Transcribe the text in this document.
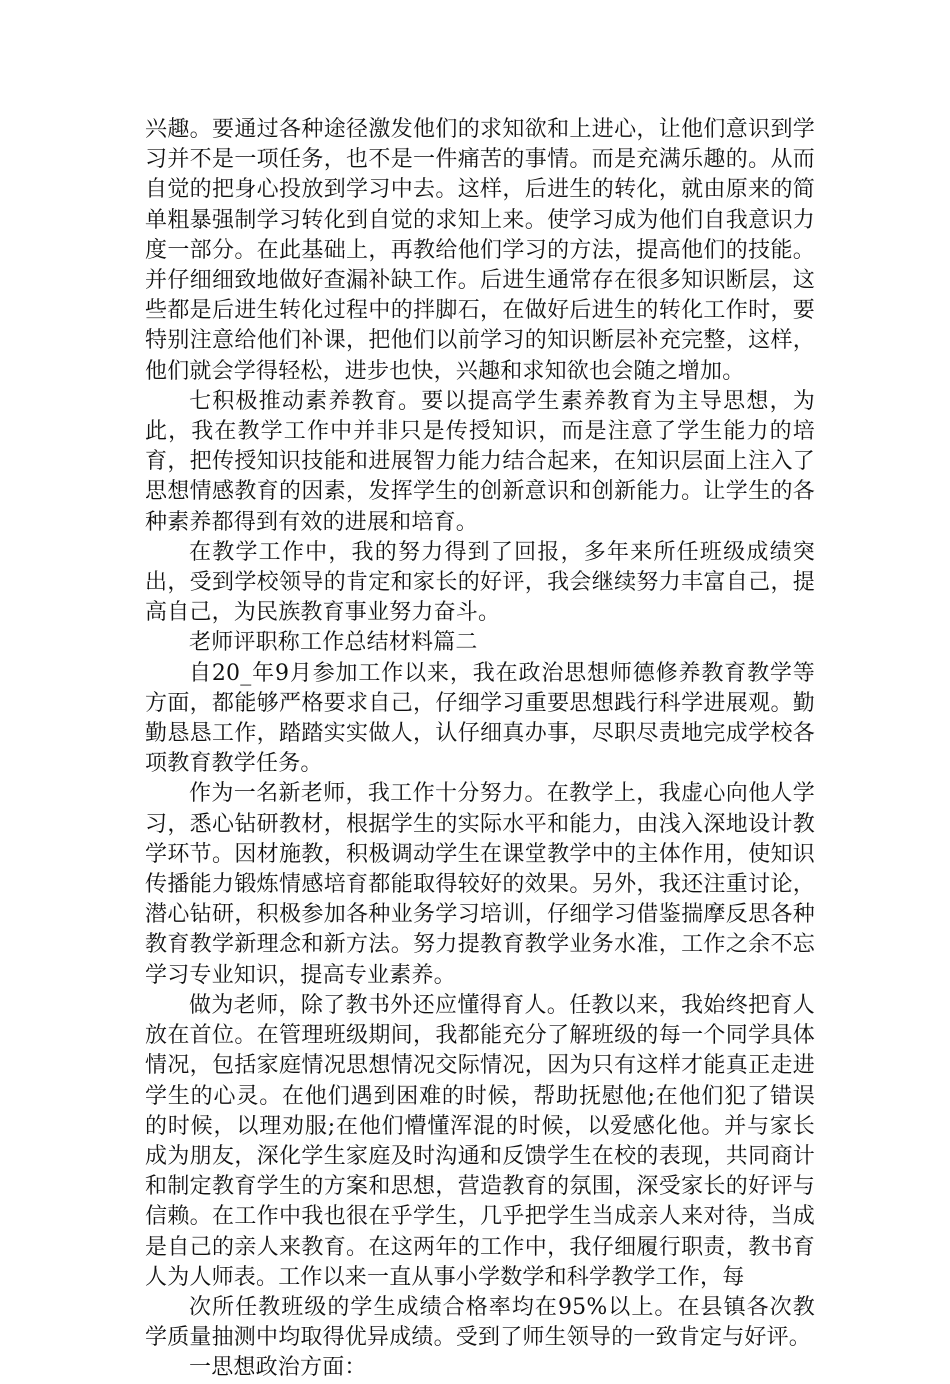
兴趣。要通过各种途径激发他们的求知欲和上进心，让他们意识到学习并不是一项任务，也不是一件痛苦的事情。而是充满乐趣的。从而自觉的把身心投放到学习中去。这样，后进生的转化，就由原来的简单粗暴强制学习转化到自觉的求知上来。使学习成为他们自我意识力度一部分。在此基础上，再教给他们学习的方法，提高他们的技能。并仔细细致地做好查漏补缺工作。后进生通常存在很多知识断层，这些都是后进生转化过程中的拌脚石，在做好后进生的转化工作时，要特别注意给他们补课，把他们以前学习的知识断层补充完整，这样，他们就会学得轻松，进步也快，兴趣和求知欲也会随之增加。

七积极推动素养教育。要以提高学生素养教育为主导思想，为此，我在教学工作中并非只是传授知识，而是注意了学生能力的培育，把传授知识技能和进展智力能力结合起来，在知识层面上注入了思想情感教育的因素，发挥学生的创新意识和创新能力。让学生的各种素养都得到有效的进展和培育。

在教学工作中，我的努力得到了回报，多年来所任班级成绩突出，受到学校领导的肯定和家长的好评，我会继续努力丰富自己，提高自己，为民族教育事业努力奋斗。

老师评职称工作总结材料篇二

自20_年9月参加工作以来，我在政治思想师德修养教育教学等方面，都能够严格要求自己，仔细学习重要思想践行科学进展观。勤勤恳恳工作，踏踏实实做人，认仔细真办事，尽职尽责地完成学校各项教育教学任务。

作为一名新老师，我工作十分努力。在教学上，我虚心向他人学习，悉心钻研教材，根据学生的实际水平和能力，由浅入深地设计教学环节。因材施教，积极调动学生在课堂教学中的主体作用，使知识传播能力锻炼情感培育都能取得较好的效果。另外，我还注重讨论，潜心钻研，积极参加各种业务学习培训，仔细学习借鉴揣摩反思各种教育教学新理念和新方法。努力提教育教学业务水准，工作之余不忘学习专业知识，提高专业素养。

做为老师，除了教书外还应懂得育人。任教以来，我始终把育人放在首位。在管理班级期间，我都能充分了解班级的每一个同学具体情况，包括家庭情况思想情况交际情况，因为只有这样才能真正走进学生的心灵。在他们遇到困难的时候，帮助抚慰他;在他们犯了错误的时候，以理劝服;在他们懵懂浑混的时候，以爱感化他。并与家长成为朋友，深化学生家庭及时沟通和反馈学生在校的表现，共同商计和制定教育学生的方案和思想，营造教育的氛围，深受家长的好评与信赖。在工作中我也很在乎学生，几乎把学生当成亲人来对待，当成是自己的亲人来教育。在这两年的工作中，我仔细履行职责，教书育人为人师表。工作以来一直从事小学数学和科学教学工作，每

次所任教班级的学生成绩合格率均在95%以上。在县镇各次教学质量抽测中均取得优异成绩。受到了师生领导的一致肯定与好评。

一思想政治方面：
